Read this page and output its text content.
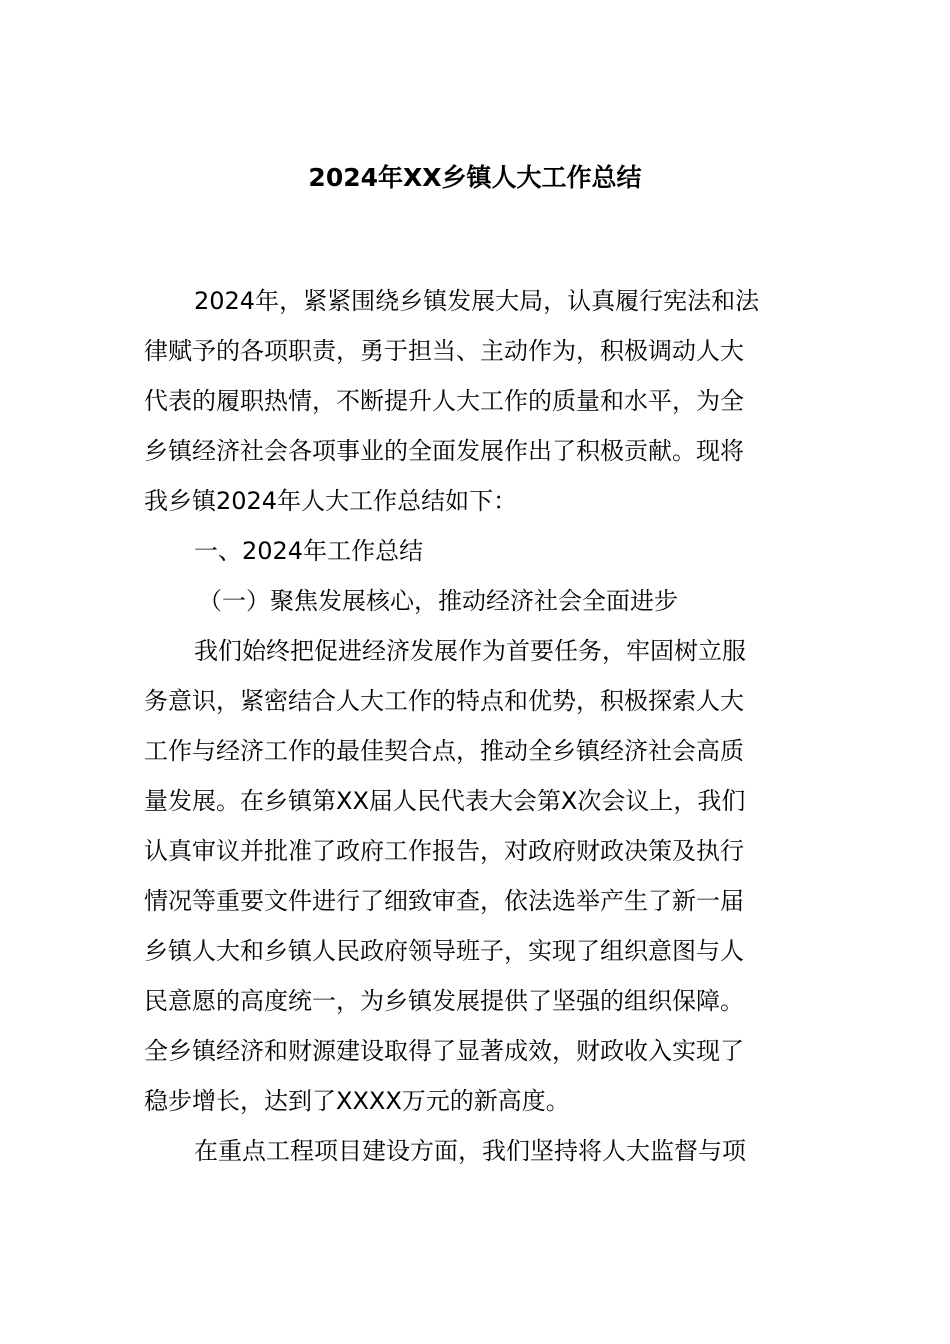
2024年XX乡镇人大工作总结

2024年，紧紧围绕乡镇发展大局，认真履行宪法和法
律赋予的各项职责，勇于担当、主动作为，积极调动人大
代表的履职热情，不断提升人大工作的质量和水平，为全
乡镇经济社会各项事业的全面发展作出了积极贡献。现将
我乡镇2024年人大工作总结如下：

一、2024年工作总结

（一）聚焦发展核心，推动经济社会全面进步

我们始终把促进经济发展作为首要任务，牢固树立服
务意识，紧密结合人大工作的特点和优势，积极探索人大
工作与经济工作的最佳契合点，推动全乡镇经济社会高质
量发展。在乡镇第XX届人民代表大会第X次会议上，我们
认真审议并批准了政府工作报告，对政府财政决策及执行
情况等重要文件进行了细致审查，依法选举产生了新一届
乡镇人大和乡镇人民政府领导班子，实现了组织意图与人
民意愿的高度统一，为乡镇发展提供了坚强的组织保障。
全乡镇经济和财源建设取得了显著成效，财政收入实现了
稳步增长，达到了XXXX万元的新高度。

在重点工程项目建设方面，我们坚持将人大监督与项
